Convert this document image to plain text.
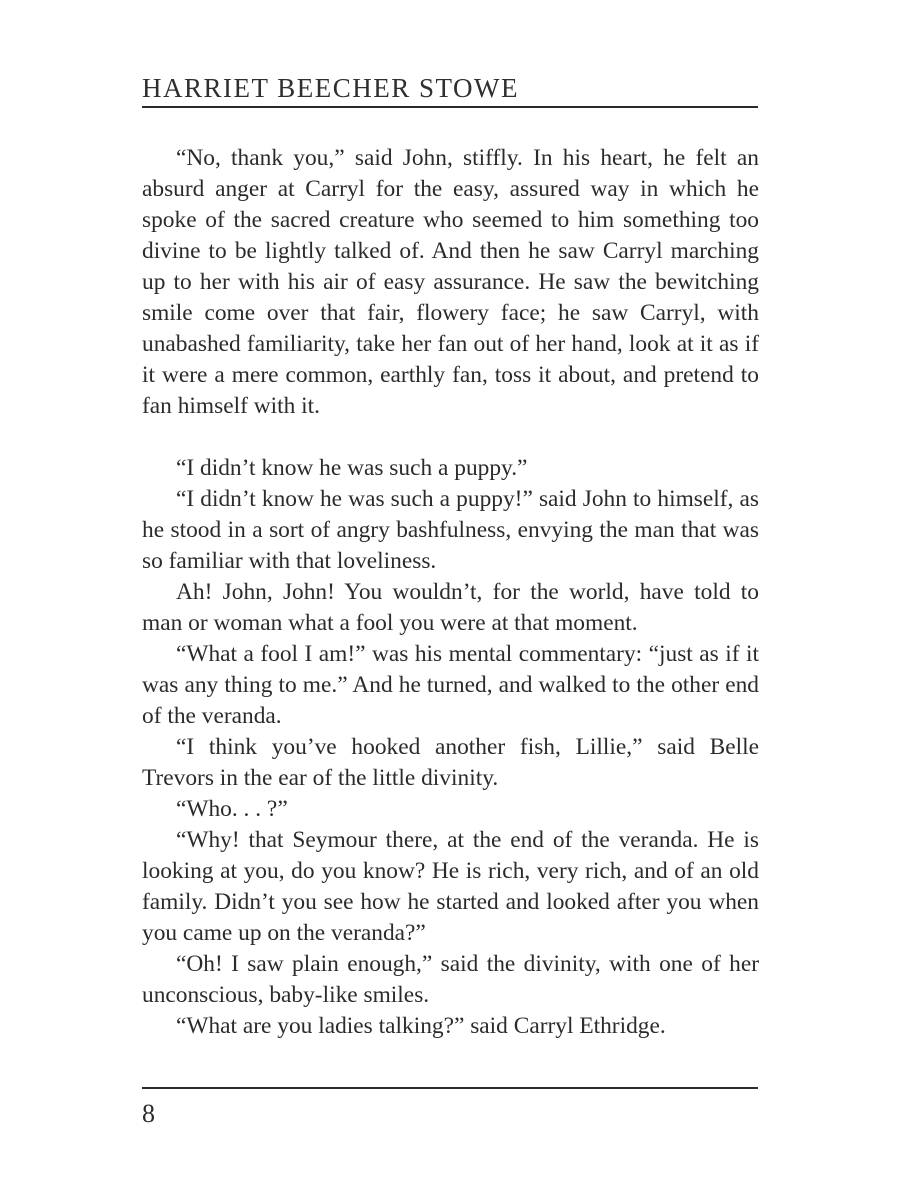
HARRIET BEECHER STOWE

“No, thank you,” said John, stiffly. In his heart, he felt an absurd anger at Carryl for the easy, assured way in which he spoke of the sacred creature who seemed to him something too divine to be lightly talked of. And then he saw Carryl marching up to her with his air of easy assurance. He saw the bewitching smile come over that fair, flowery face; he saw Carryl, with unabashed familiarity, take her fan out of her hand, look at it as if it were a mere common, earthly fan, toss it about, and pretend to fan himself with it.

“I didn’t know he was such a puppy.”

“I didn’t know he was such a puppy!” said John to himself, as he stood in a sort of angry bashfulness, envying the man that was so familiar with that loveliness.

Ah! John, John! You wouldn’t, for the world, have told to man or woman what a fool you were at that moment.

“What a fool I am!” was his mental commentary: “just as if it was any thing to me.” And he turned, and walked to the other end of the veranda.

“I think you’ve hooked another fish, Lillie,” said Belle Trevors in the ear of the little divinity.

“Who. . . ?”

“Why! that Seymour there, at the end of the veranda. He is looking at you, do you know? He is rich, very rich, and of an old family. Didn’t you see how he started and looked after you when you came up on the veranda?”

“Oh! I saw plain enough,” said the divinity, with one of her unconscious, baby-like smiles.

“What are you ladies talking?” said Carryl Ethridge.

8
